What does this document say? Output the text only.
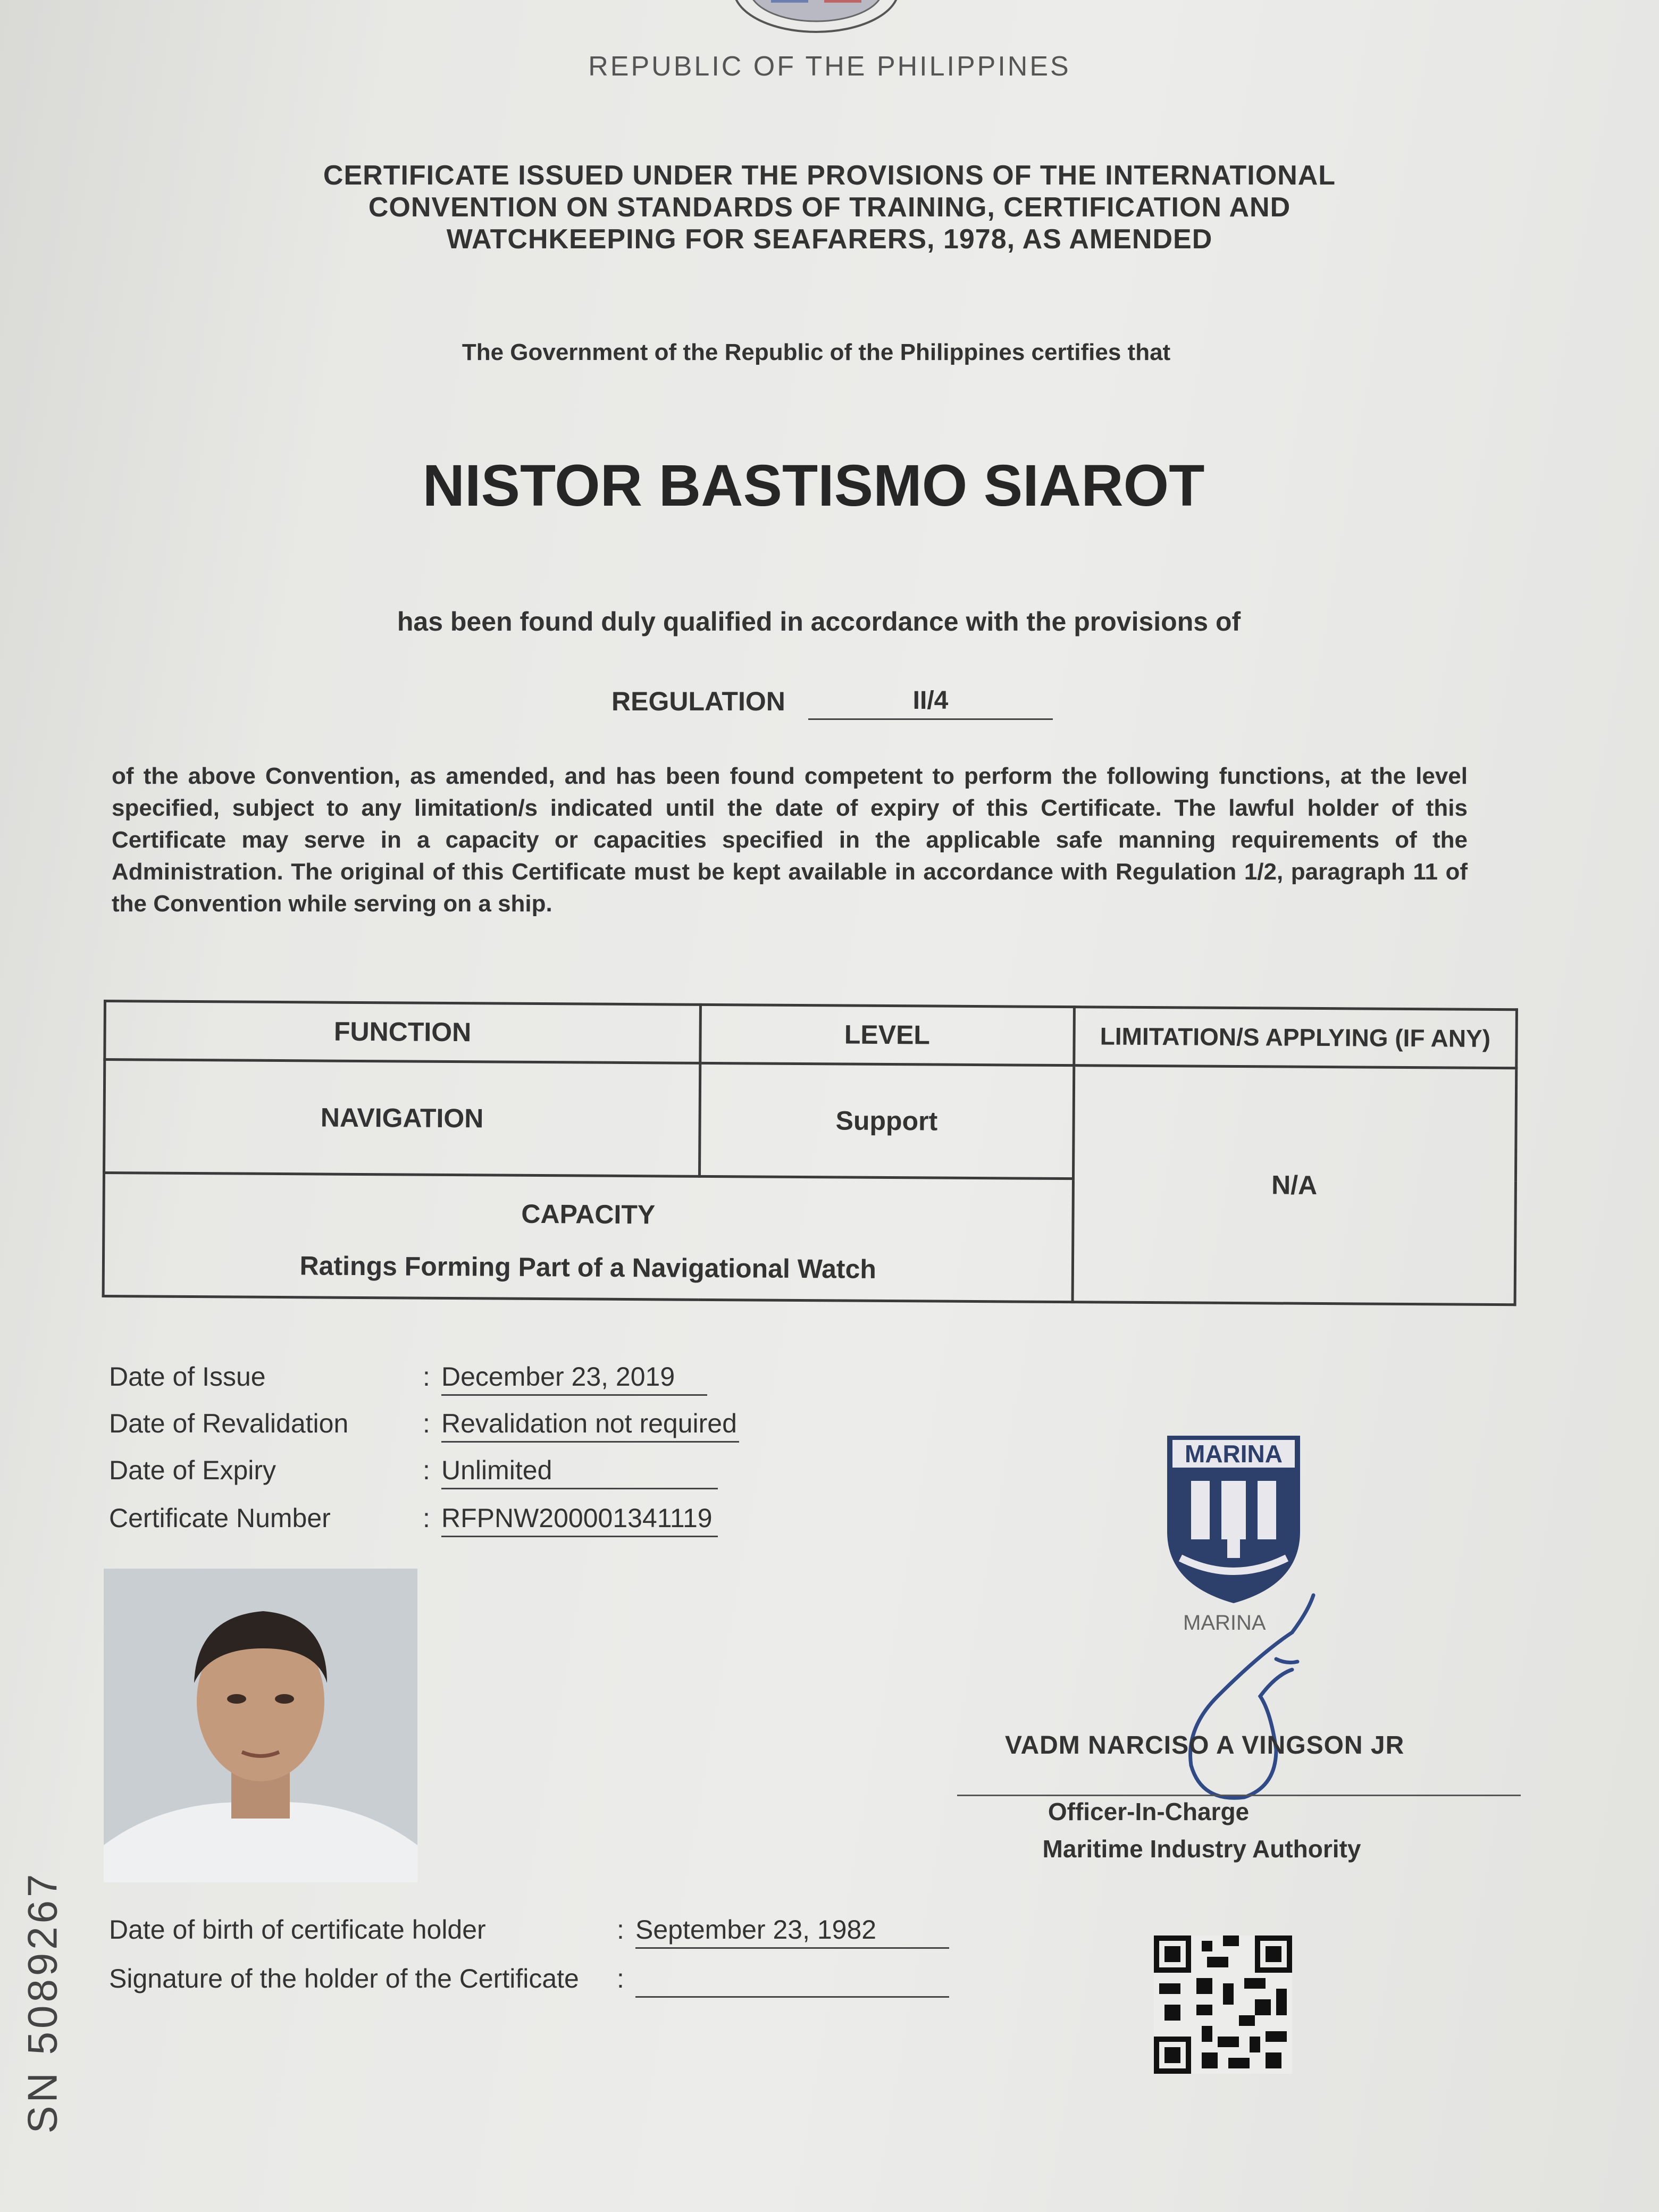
REPUBLIC OF THE PHILIPPINES
CERTIFICATE ISSUED UNDER THE PROVISIONS OF THE INTERNATIONAL
CONVENTION ON STANDARDS OF TRAINING, CERTIFICATION AND
WATCHKEEPING FOR SEAFARERS, 1978, AS AMENDED
The Government of the Republic of the Philippines certifies that
NISTOR BASTISMO SIAROT
has been found duly qualified in accordance with the provisions of
REGULATION	II/4
of the above Convention, as amended, and has been found competent to perform the following functions, at the level specified, subject to any limitation/s indicated until the date of expiry of this Certificate. The lawful holder of this Certificate may serve in a capacity or capacities specified in the applicable safe manning requirements of the Administration. The original of this Certificate must be kept available in accordance with Regulation 1/2, paragraph 11 of the Convention while serving on a ship.
FUNCTION	LEVEL	LIMITATION/S APPLYING (IF ANY)
NAVIGATION	Support	N/A

CAPACITY
Ratings Forming Part of a Navigational Watch		
Date of Issue	: December 23, 2019
Date of Revalidation	: Revalidation not required
Date of Expiry	: Unlimited
Certificate Number	: RFPNW200001341119
MARINA
MARINA
VADM NARCISO A VINGSON JR
Officer-In-Charge
Maritime Industry Authority
Date of birth of certificate holder	: September 23, 1982
Signature of the holder of the Certificate :
SN 5089267
